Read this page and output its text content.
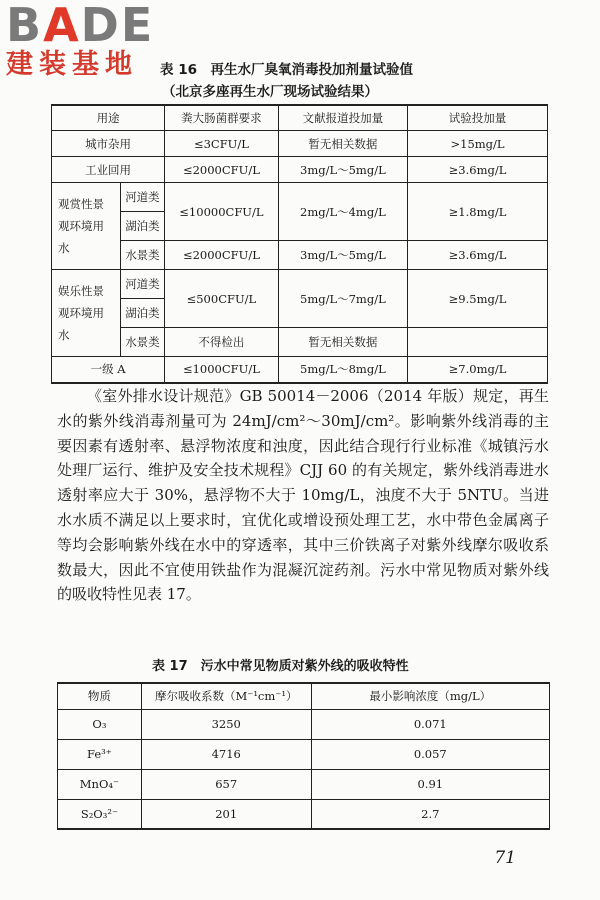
BADE
建装基地	表 16　再生水厂臭氧消毒投加剂量试验值
（北京多座再生水厂现场试验结果）
用途		粪大肠菌群要求	文献报道投加量	试验投加量
城市杂用		≤3CFU/L	暂无相关数据	>15mg/L
工业回用		≤2000CFU/L	3mg/L～5mg/L	≥3.6mg/L
观赏性景观环境用水	河道类	≤10000CFU/L	2mg/L～4mg/L	≥1.8mg/L
	湖泊类			
	水景类	≤2000CFU/L	3mg/L～5mg/L	≥3.6mg/L
娱乐性景观环境用水	河道类	≤500CFU/L	5mg/L～7mg/L	≥9.5mg/L
	湖泊类			
	水景类	不得检出	暂无相关数据	
一级 A		≤1000CFU/L	5mg/L～8mg/L	≥7.0mg/L

《室外排水设计规范》GB 50014－2006（2014 年版）规定，再生水的紫外线消毒剂量可为 24mJ/cm²～30mJ/cm²。影响紫外线消毒的主要因素有透射率、悬浮物浓度和浊度，因此结合现行行业标准《城镇污水处理厂运行、维护及安全技术规程》CJJ 60 的有关规定，紫外线消毒进水透射率应大于 30%，悬浮物不大于 10mg/L，浊度不大于 5NTU。当进水水质不满足以上要求时，宜优化或增设预处理工艺，水中带色金属离子等均会影响紫外线在水中的穿透率，其中三价铁离子对紫外线摩尔吸收系数最大，因此不宜使用铁盐作为混凝沉淀药剂。污水中常见物质对紫外线的吸收特性见表 17。

表 17　污水中常见物质对紫外线的吸收特性
物质	摩尔吸收系数（M⁻¹cm⁻¹）	最小影响浓度（mg/L）
O₃	3250	0.071
Fe³⁺	4716	0.057
MnO₄⁻	657	0.91
S₂O₃²⁻	201	2.7
71
